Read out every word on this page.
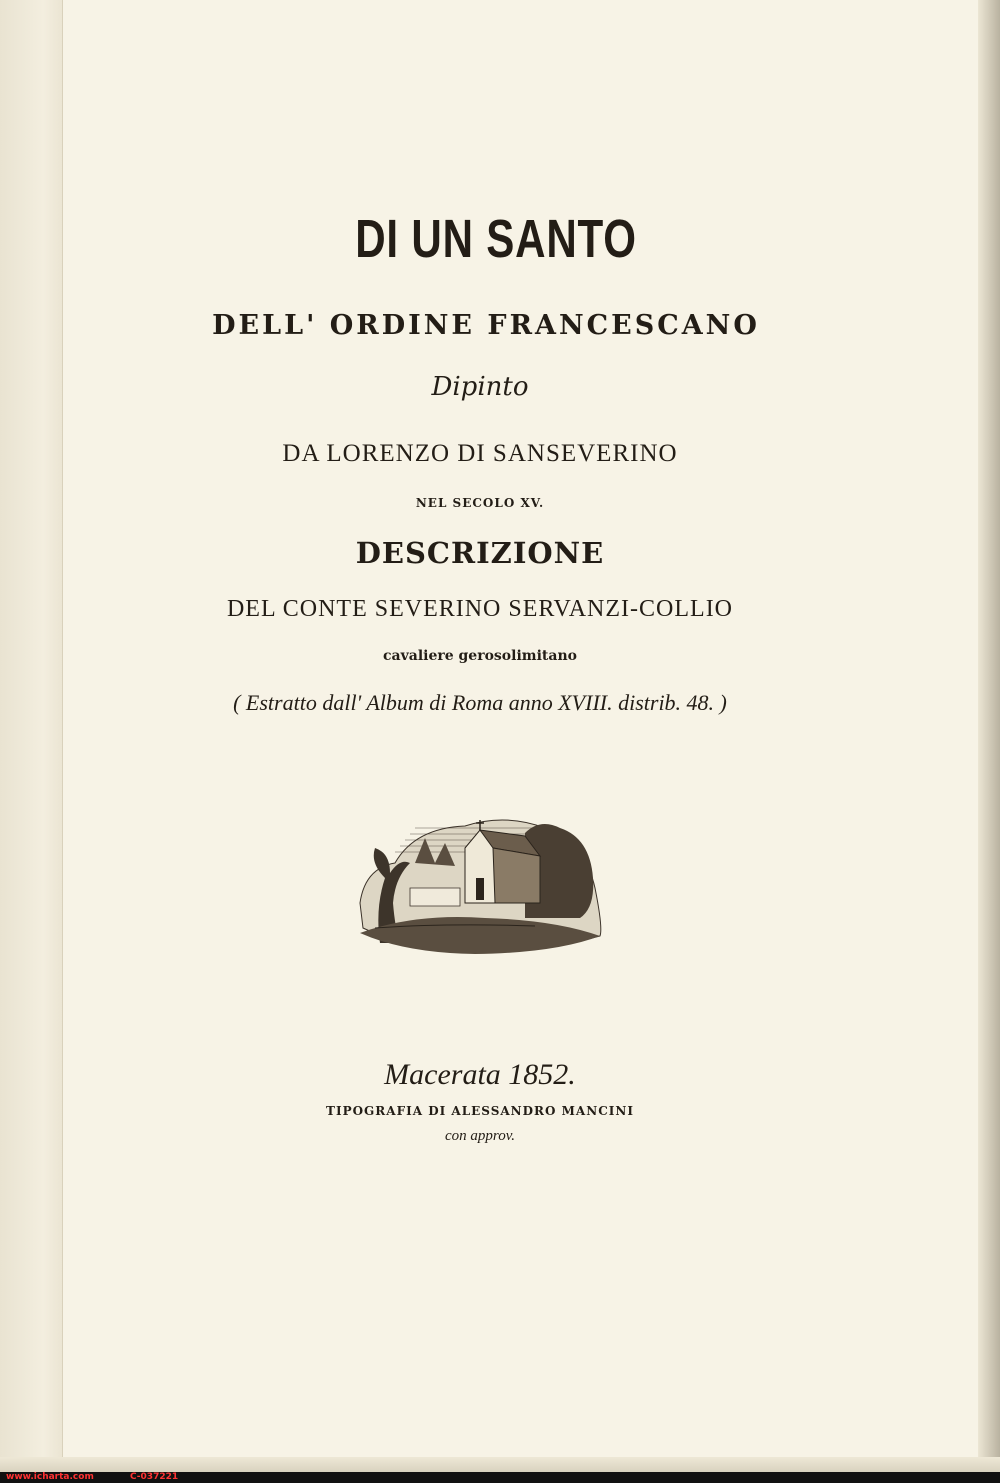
DI UN SANTO
DELL' ORDINE FRANCESCANO
Dipinto
DA LORENZO DI SANSEVERINO
NEL SECOLO XV.
DESCRIZIONE
DEL CONTE SEVERINO SERVANZI-COLLIO
cavaliere gerosolimitano
( Estratto dall' Album di Roma anno XVIII. distrib. 48. )
Macerata 1852.
TIPOGRAFIA DI ALESSANDRO MANCINI
con approv.
www.icharta.com	C-037221
